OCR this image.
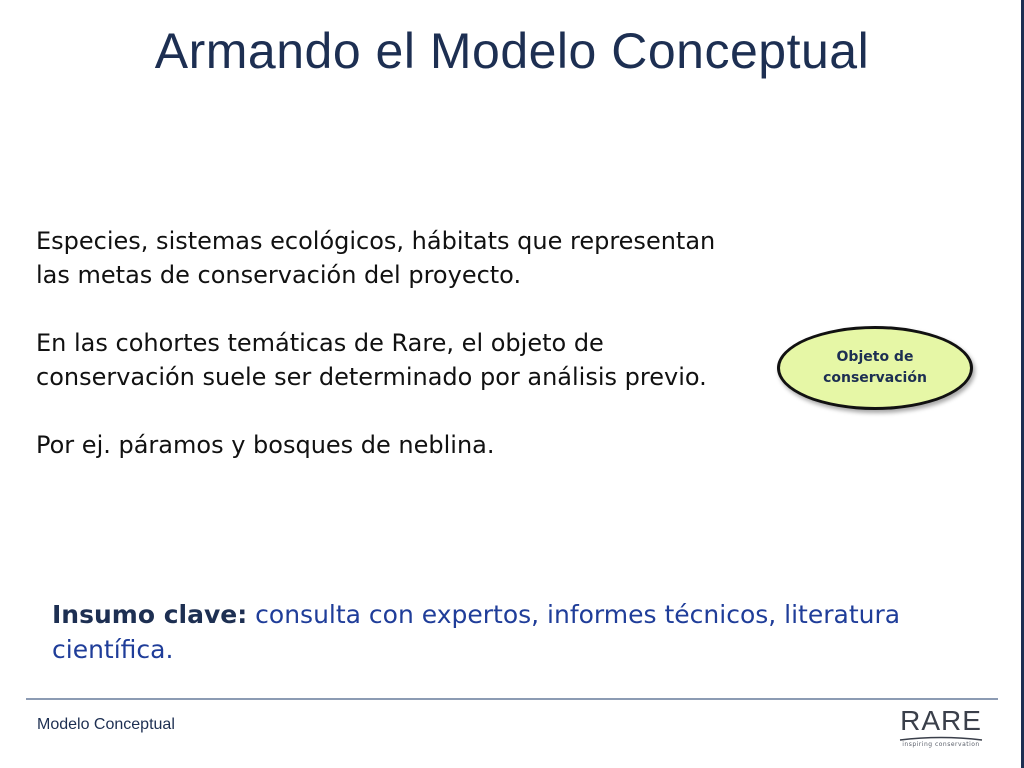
Armando el Modelo Conceptual

Especies, sistemas ecológicos, hábitats que representan las metas de conservación del proyecto.

En las cohortes temáticas de Rare, el objeto de conservación suele ser determinado por análisis previo.

Por ej. páramos y bosques de neblina.

Objeto de conservación
Insumo clave: consulta con expertos, informes técnicos, literatura científica.
Modelo Conceptual	RARE
inspiring conservation
